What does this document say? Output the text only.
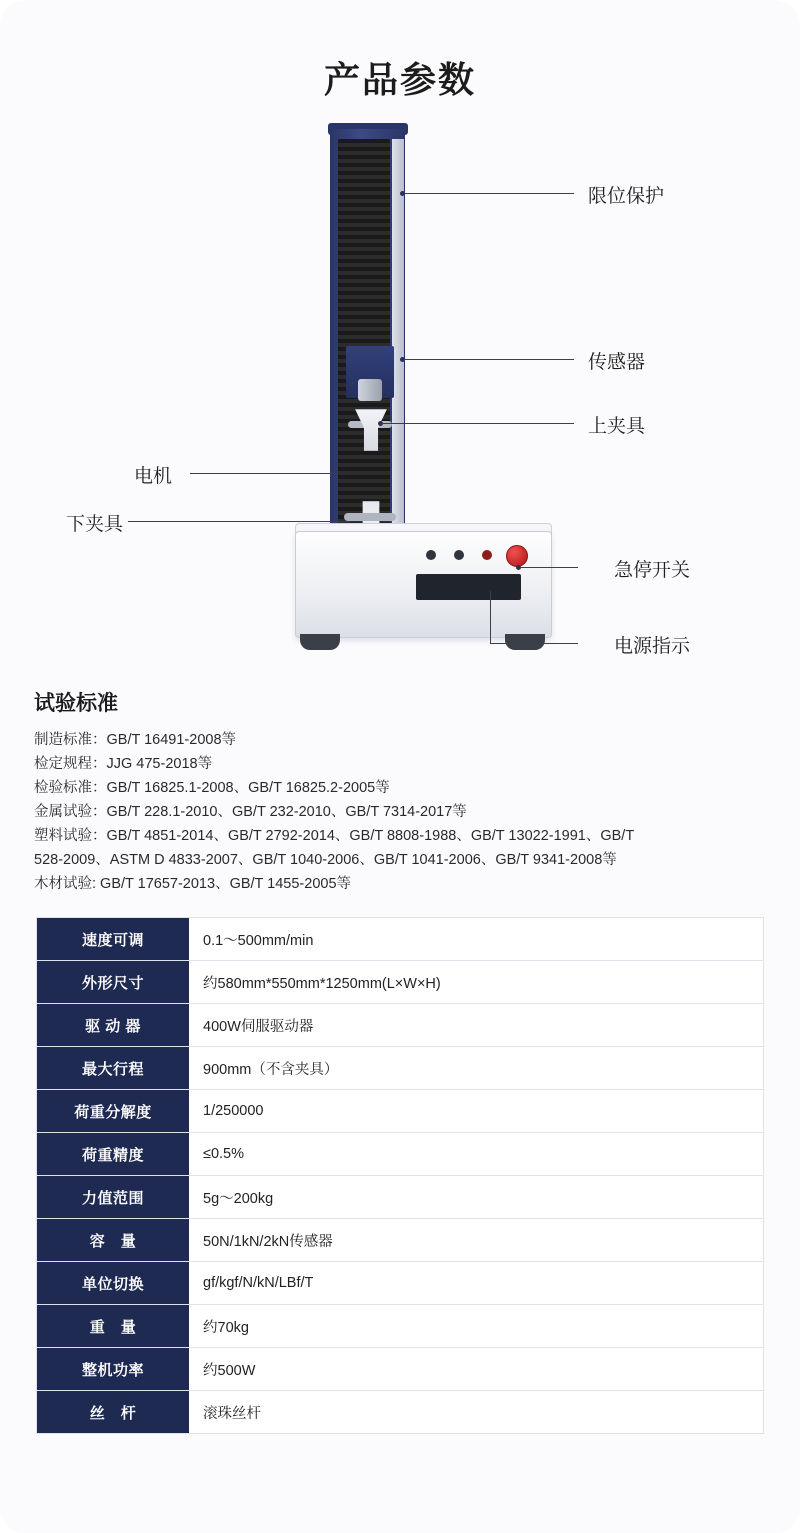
产品参数
限位保护
传感器
上夹具
急停开关
电源指示
电机
下夹具
试验标准

制造标准：GB/T 16491-2008等

检定规程：JJG 475-2018等

检验标准：GB/T 16825.1-2008、GB/T 16825.2-2005等

金属试验：GB/T 228.1-2010、GB/T 232-2010、GB/T 7314-2017等

塑料试验：GB/T 4851-2014、GB/T 2792-2014、GB/T 8808-1988、GB/T 13022-1991、GB/T

528-2009、ASTM D 4833-2007、GB/T 1040-2006、GB/T 1041-2006、GB/T 9341-2008等

木材试验: GB/T 17657-2013、GB/T 1455-2005等

速度可调	0.1～500mm/min
外形尺寸	约580mm*550mm*1250mm(L×W×H)
驱 动 器	400W伺服驱动器
最大行程	900mm（不含夹具）
荷重分解度	1/250000
荷重精度	≤0.5%
力值范围	5g～200kg
容　量	50N/1kN/2kN传感器
单位切换	gf/kgf/N/kN/LBf/T
重　量	约70kg
整机功率	约500W
丝　杆	滚珠丝杆
